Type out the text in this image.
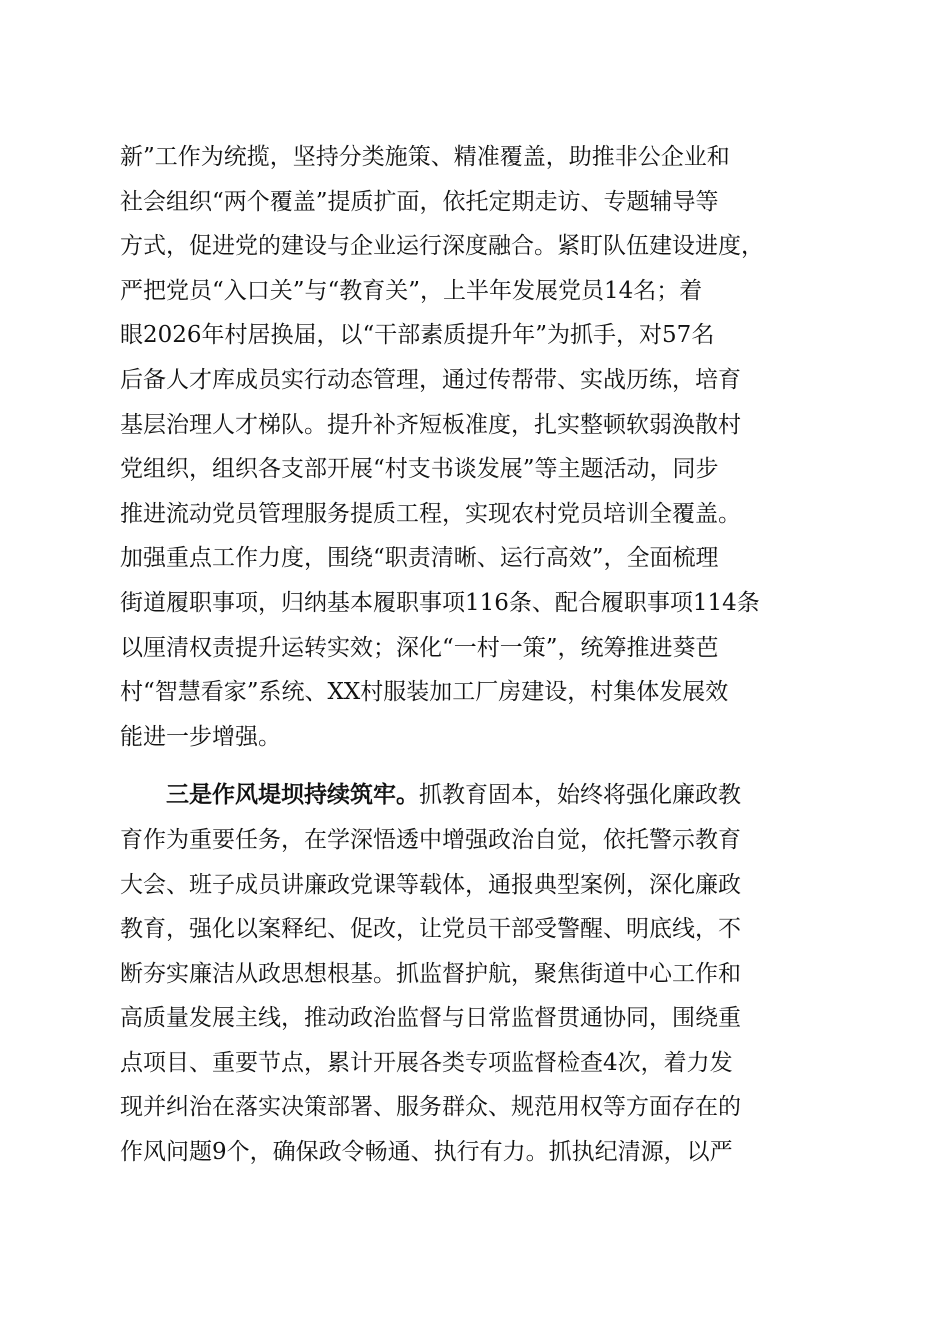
新”工作为统揽，坚持分类施策、精准覆盖，助推非公企业和
社会组织“两个覆盖”提质扩面，依托定期走访、专题辅导等
方式，促进党的建设与企业运行深度融合。紧盯队伍建设进度，
严把党员“入口关”与“教育关”，上半年发展党员14名；着
眼2026年村居换届，以“干部素质提升年”为抓手，对57名
后备人才库成员实行动态管理，通过传帮带、实战历练，培育
基层治理人才梯队。提升补齐短板准度，扎实整顿软弱涣散村
党组织，组织各支部开展“村支书谈发展”等主题活动，同步
推进流动党员管理服务提质工程，实现农村党员培训全覆盖。
加强重点工作力度，围绕“职责清晰、运行高效”，全面梳理
街道履职事项，归纳基本履职事项116条、配合履职事项114条
以厘清权责提升运转实效；深化“一村一策”，统筹推进葵芭
村“智慧看家”系统、XX村服装加工厂房建设，村集体发展效
能进一步增强。
三是作风堤坝持续筑牢。抓教育固本，始终将强化廉政教
育作为重要任务，在学深悟透中增强政治自觉，依托警示教育
大会、班子成员讲廉政党课等载体，通报典型案例，深化廉政
教育，强化以案释纪、促改，让党员干部受警醒、明底线，不
断夯实廉洁从政思想根基。抓监督护航，聚焦街道中心工作和
高质量发展主线，推动政治监督与日常监督贯通协同，围绕重
点项目、重要节点，累计开展各类专项监督检查4次，着力发
现并纠治在落实决策部署、服务群众、规范用权等方面存在的
作风问题9个，确保政令畅通、执行有力。抓执纪清源，以严
